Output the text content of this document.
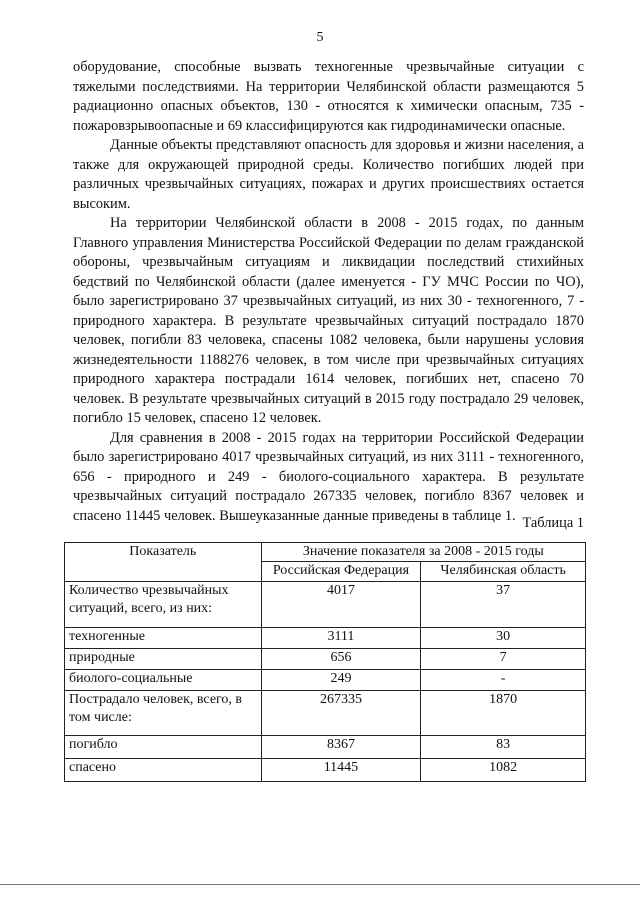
5

оборудование, способные вызвать техногенные чрезвычайные ситуации с тяжелыми последствиями. На территории Челябинской области размещаются 5 радиационно опасных объектов, 130 - относятся к химически опасным, 735 - пожаровзрывоопасные и 69 классифицируются как гидродинамически опасные.

Данные объекты представляют опасность для здоровья и жизни населения, а также для окружающей природной среды. Количество погибших людей при различных чрезвычайных ситуациях, пожарах и других происшествиях остается высоким.

На территории Челябинской области в 2008 - 2015 годах, по данным Главного управления Министерства Российской Федерации по делам гражданской обороны, чрезвычайным ситуациям и ликвидации последствий стихийных бедствий по Челябинской области (далее именуется - ГУ МЧС России по ЧО), было зарегистрировано 37 чрезвычайных ситуаций, из них 30 - техногенного, 7 - природного характера. В результате чрезвычайных ситуаций пострадало 1870 человек, погибли 83 человека, спасены 1082 человека, были нарушены условия жизнедеятельности 1188276 человек, в том числе при чрезвычайных ситуациях природного характера пострадали 1614 человек, погибших нет, спасено 70 человек. В результате чрезвычайных ситуаций в 2015 году пострадало 29 человек, погибло 15 человек, спасено 12 человек.

Для сравнения в 2008 - 2015 годах на территории Российской Федерации было зарегистрировано 4017 чрезвычайных ситуаций, из них 3111 - техногенного, 656 - природного и 249 - биолого-социального характера. В результате чрезвычайных ситуаций пострадало 267335 человек, погибло 8367 человек и спасено 11445 человек. Вышеуказанные данные приведены в таблице 1. Таблица 1
Показатель	Значение показателя за 2008 - 2015 годы	
	Российская Федерация	Челябинская область
Количество чрезвычайных ситуаций, всего, из них:	4017	37
техногенные	3111	30
природные	656	7
биолого-социальные	249	-
Пострадало человек, всего, в том числе:	267335	1870
погибло	8367	83
спасено	11445	1082
